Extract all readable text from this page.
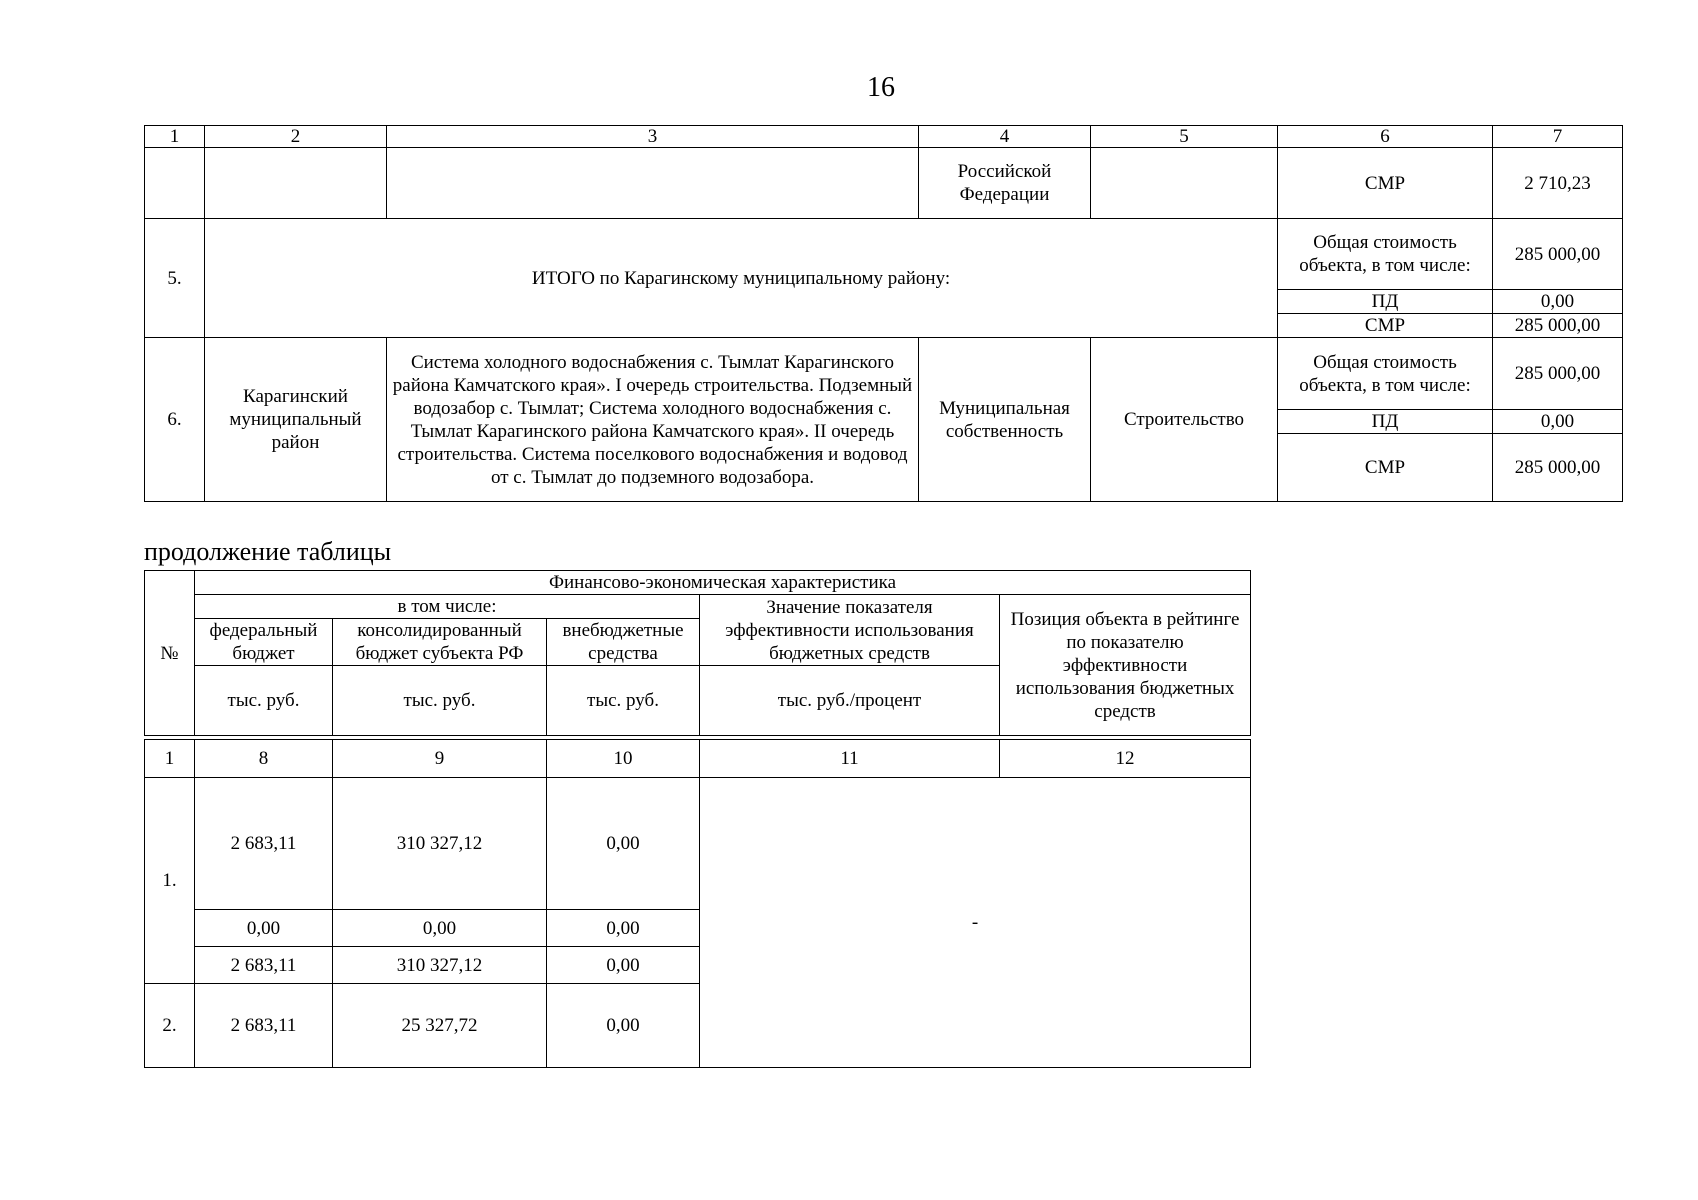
16
1	2	3	4	5	6	7
			Российской Федерации		СМР	2 710,23
5.	ИТОГО по Карагинскому муниципальному району:				Общая стоимость объекта, в том числе:	285 000,00
					ПД	0,00
					СМР	285 000,00
6.	Карагинский муниципальный район	Система холодного водоснабжения с. Тымлат Карагинского района Камчатского края». I очередь строительства. Подземный водозабор с. Тымлат; Система холодного водоснабжения с. Тымлат Карагинского района Камчатского края». II очередь строительства. Система поселкового водоснабжения и водовод от с. Тымлат до подземного водозабора.	Муниципальная собственность	Строительство	Общая стоимость объекта, в том числе:	285 000,00
					ПД	0,00
					СМР	285 000,00
продолжение таблицы
№	Финансово-экономическая характеристика				
	в том числе:			Значение показателя эффективности использования бюджетных средств	Позиция объекта в рейтинге по показателю эффективности использования бюджетных средств
	федеральный бюджет	консолидированный бюджет субъекта РФ	внебюджетные средства		
	тыс. руб.	тыс. руб.	тыс. руб.	тыс. руб./процент	
1	8	9	10	11	12
1.	2 683,11	310 327,12	0,00	-	
	0,00	0,00	0,00		
	2 683,11	310 327,12	0,00		
2.	2 683,11	25 327,72	0,00		
